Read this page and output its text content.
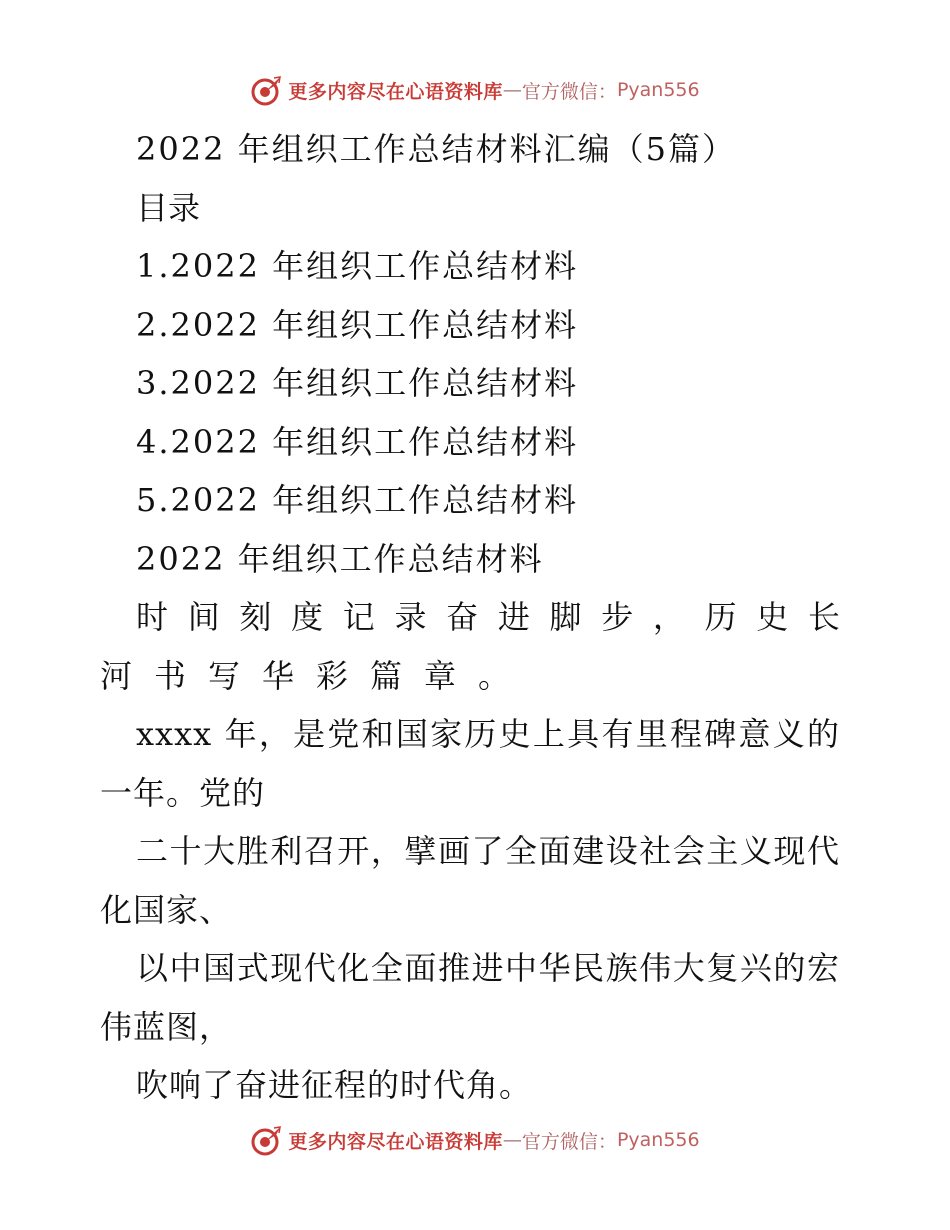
更多内容尽在心语资料库 — 官方微信： Pyan556
2022 年组织工作总结材料汇编（5篇）
目录
1.2022 年组织工作总结材料
2.2022 年组织工作总结材料
3.2022 年组织工作总结材料
4.2022 年组织工作总结材料
5.2022 年组织工作总结材料
2022 年组织工作总结材料
时间刻度记录奋进脚步，历史长
河书写华彩篇章。
xxxx 年，是党和国家历史上具有里程碑意义的
一年。党的
二十大胜利召开，擘画了全面建设社会主义现代
化国家、
以中国式现代化全面推进中华民族伟大复兴的宏
伟蓝图，
吹响了奋进征程的时代角。
更多内容尽在心语资料库 — 官方微信： Pyan556
